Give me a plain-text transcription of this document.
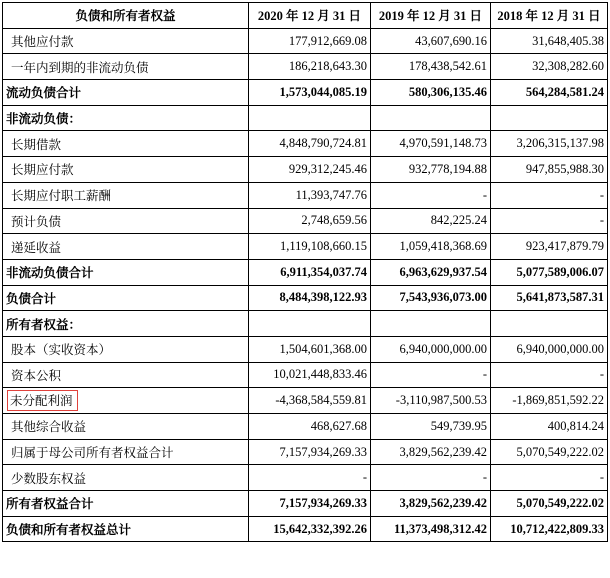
负债和所有者权益	2020 年 12 月 31 日	2019 年 12 月 31 日	2018 年 12 月 31 日
其他应付款	177,912,669.08	43,607,690.16	31,648,405.38
一年内到期的非流动负债	186,218,643.30	178,438,542.61	32,308,282.60
流动负债合计	1,573,044,085.19	580,306,135.46	564,284,581.24
非流动负债：			
长期借款	4,848,790,724.81	4,970,591,148.73	3,206,315,137.98
长期应付款	929,312,245.46	932,778,194.88	947,855,988.30
长期应付职工薪酬	11,393,747.76	-	-
预计负债	2,748,659.56	842,225.24	-
递延收益	1,119,108,660.15	1,059,418,368.69	923,417,879.79
非流动负债合计	6,911,354,037.74	6,963,629,937.54	5,077,589,006.07
负债合计	8,484,398,122.93	7,543,936,073.00	5,641,873,587.31
所有者权益：			
股本（实收资本）	1,504,601,368.00	6,940,000,000.00	6,940,000,000.00
资本公积	10,021,448,833.46	-	-
未分配利润	-4,368,584,559.81	-3,110,987,500.53	-1,869,851,592.22
其他综合收益	468,627.68	549,739.95	400,814.24
归属于母公司所有者权益合计	7,157,934,269.33	3,829,562,239.42	5,070,549,222.02
少数股东权益	-	-	-
所有者权益合计	7,157,934,269.33	3,829,562,239.42	5,070,549,222.02
负债和所有者权益总计	15,642,332,392.26	11,373,498,312.42	10,712,422,809.33
